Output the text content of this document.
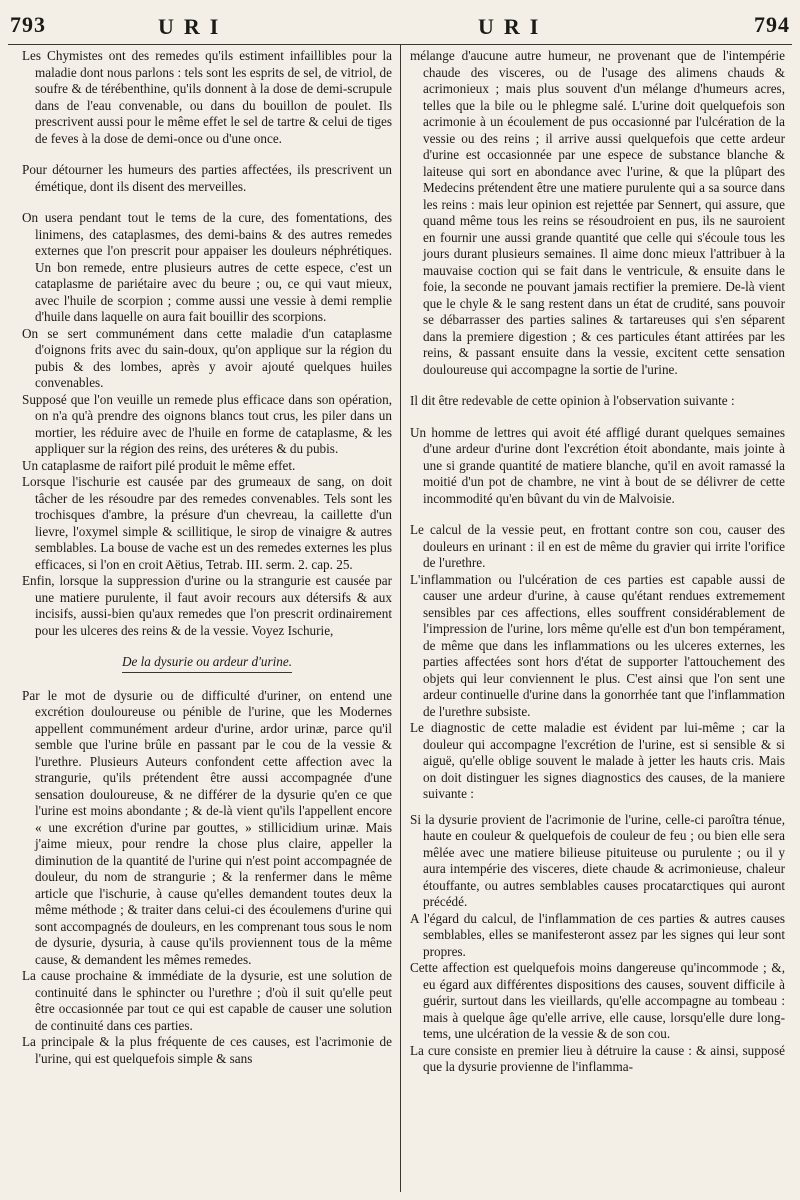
793	URI	URI	794

Les Chymistes ont des remedes qu'ils estiment infaillibles pour la maladie dont nous parlons : tels sont les esprits de sel, de vitriol, de soufre & de térébenthine, qu'ils donnent à la dose de demi-scrupule dans de l'eau convenable, ou dans du bouillon de poulet. Ils prescrivent aussi pour le même effet le sel de tartre & celui de tiges de feves à la dose de demi-once ou d'une once.

Pour détourner les humeurs des parties affectées, ils prescrivent un émétique, dont ils disent des merveilles.

On usera pendant tout le tems de la cure, des fomentations, des linimens, des cataplasmes, des demi-bains & des autres remedes externes que l'on prescrit pour appaiser les douleurs néphrétiques. Un bon remede, entre plusieurs autres de cette espece, c'est un cataplasme de pariétaire avec du beure ; ou, ce qui vaut mieux, avec l'huile de scorpion ; comme aussi une vessie à demi remplie d'huile dans laquelle on aura fait bouillir des scorpions.

On se sert communément dans cette maladie d'un cataplasme d'oignons frits avec du sain-doux, qu'on applique sur la région du pubis & des lombes, après y avoir ajouté quelques huiles convenables.

Supposé que l'on veuille un remede plus efficace dans son opération, on n'a qu'à prendre des oignons blancs tout crus, les piler dans un mortier, les réduire avec de l'huile en forme de cataplasme, & les appliquer sur la région des reins, des uréteres & du pubis.

Un cataplasme de raifort pilé produit le même effet.

Lorsque l'ischurie est causée par des grumeaux de sang, on doit tâcher de les résoudre par des remedes convenables. Tels sont les trochisques d'ambre, la présure d'un chevreau, la caillette d'un lievre, l'oxymel simple & scillitique, le sirop de vinaigre & autres semblables. La bouse de vache est un des remedes externes les plus efficaces, si l'on en croit Aëtius, Tetrab. III. serm. 2. cap. 25.

Enfin, lorsque la suppression d'urine ou la strangurie est causée par une matiere purulente, il faut avoir recours aux détersifs & aux incisifs, aussi-bien qu'aux remedes que l'on prescrit ordinairement pour les ulceres des reins & de la vessie. Voyez Ischurie,

De la dysurie ou ardeur d'urine.

Par le mot de dysurie ou de difficulté d'uriner, on entend une excrétion douloureuse ou pénible de l'urine, que les Modernes appellent communément ardeur d'urine, ardor urinæ, parce qu'il semble que l'urine brûle en passant par le cou de la vessie & l'urethre. Plusieurs Auteurs confondent cette affection avec la strangurie, qu'ils prétendent être aussi accompagnée d'une sensation douloureuse, & ne différer de la dysurie qu'en ce que l'urine est moins abondante ; & de-là vient qu'ils l'appellent encore « une excrétion d'urine par gouttes, » stillicidium urinæ. Mais j'aime mieux, pour rendre la chose plus claire, appeller la diminution de la quantité de l'urine qui n'est point accompagnée de douleur, du nom de strangurie ; & la renfermer dans le même article que l'ischurie, à cause qu'elles demandent toutes deux la même méthode ; & traiter dans celui-ci des écoulemens d'urine qui sont accompagnés de douleurs, en les comprenant tous sous le nom de dysurie, dysuria, à cause qu'ils proviennent tous de la même cause, & demandent les mêmes remedes.

La cause prochaine & immédiate de la dysurie, est une solution de continuité dans le sphincter ou l'urethre ; d'où il suit qu'elle peut être occasionnée par tout ce qui est capable de causer une solution de continuité dans ces parties.

La principale & la plus fréquente de ces causes, est l'acrimonie de l'urine, qui est quelquefois simple & sans

mélange d'aucune autre humeur, ne provenant que de l'intempérie chaude des visceres, ou de l'usage des alimens chauds & acrimonieux ; mais plus souvent d'un mélange d'humeurs acres, telles que la bile ou le phlegme salé. L'urine doit quelquefois son acrimonie à un écoulement de pus occasionné par l'ulcération de la vessie ou des reins ; il arrive aussi quelquefois que cette ardeur d'urine est occasionnée par une espece de substance blanche & laiteuse qui sort en abondance avec l'urine, & que la plûpart des Medecins prétendent être une matiere purulente qui a sa source dans les reins : mais leur opinion est rejettée par Sennert, qui assure, que quand même tous les reins se résoudroient en pus, ils ne sauroient en fournir une aussi grande quantité que celle qui s'écoule tous les jours durant plusieurs semaines. Il aime donc mieux l'attribuer à la mauvaise coction qui se fait dans le ventricule, & ensuite dans le foie, la seconde ne pouvant jamais rectifier la premiere. De-là vient que le chyle & le sang restent dans un état de crudité, sans pouvoir se débarrasser des parties salines & tartareuses qui s'en séparent dans la premiere digestion ; & ces particules étant attirées par les reins, & passant ensuite dans la vessie, excitent cette sensation douloureuse qui accompagne la sortie de l'urine.

Il dit être redevable de cette opinion à l'observation suivante :

Un homme de lettres qui avoit été affligé durant quelques semaines d'une ardeur d'urine dont l'excrétion étoit abondante, mais jointe à une si grande quantité de matiere blanche, qu'il en avoit ramassé la moitié d'un pot de chambre, ne vint à bout de se délivrer de cette incommodité qu'en bûvant du vin de Malvoisie.

Le calcul de la vessie peut, en frottant contre son cou, causer des douleurs en urinant : il en est de même du gravier qui irrite l'orifice de l'urethre.

L'inflammation ou l'ulcération de ces parties est capable aussi de causer une ardeur d'urine, à cause qu'étant rendues extremement sensibles par ces affections, elles souffrent considérablement de l'impression de l'urine, lors même qu'elle est d'un bon tempérament, de même que dans les inflammations ou les ulceres externes, les parties affectées sont hors d'état de supporter l'attouchement des objets qui leur conviennent le plus. C'est ainsi que l'on sent une ardeur continuelle d'urine dans la gonorrhée tant que l'inflammation de l'urethre subsiste.

Le diagnostic de cette maladie est évident par lui-même ; car la douleur qui accompagne l'excrétion de l'urine, est si sensible & si aiguë, qu'elle oblige souvent le malade à jetter les hauts cris. Mais on doit distinguer les signes diagnostics des causes, de la maniere suivante :

Si la dysurie provient de l'acrimonie de l'urine, celle-ci paroîtra ténue, haute en couleur & quelquefois de couleur de feu ; ou bien elle sera mêlée avec une matiere bilieuse pituiteuse ou purulente ; ou il y aura intempérie des visceres, diete chaude & acrimonieuse, chaleur étouffante, ou autres semblables causes procatarctiques qui auront précédé.

A l'égard du calcul, de l'inflammation de ces parties & autres causes semblables, elles se manifesteront assez par les signes qui leur sont propres.

Cette affection est quelquefois moins dangereuse qu'incommode ; &, eu égard aux différentes dispositions des causes, souvent difficile à guérir, surtout dans les vieillards, qu'elle accompagne au tombeau : mais à quelque âge qu'elle arrive, elle cause, lorsqu'elle dure long-tems, une ulcération de la vessie & de son cou.

La cure consiste en premier lieu à détruire la cause : & ainsi, supposé que la dysurie provienne de l'inflamma-
